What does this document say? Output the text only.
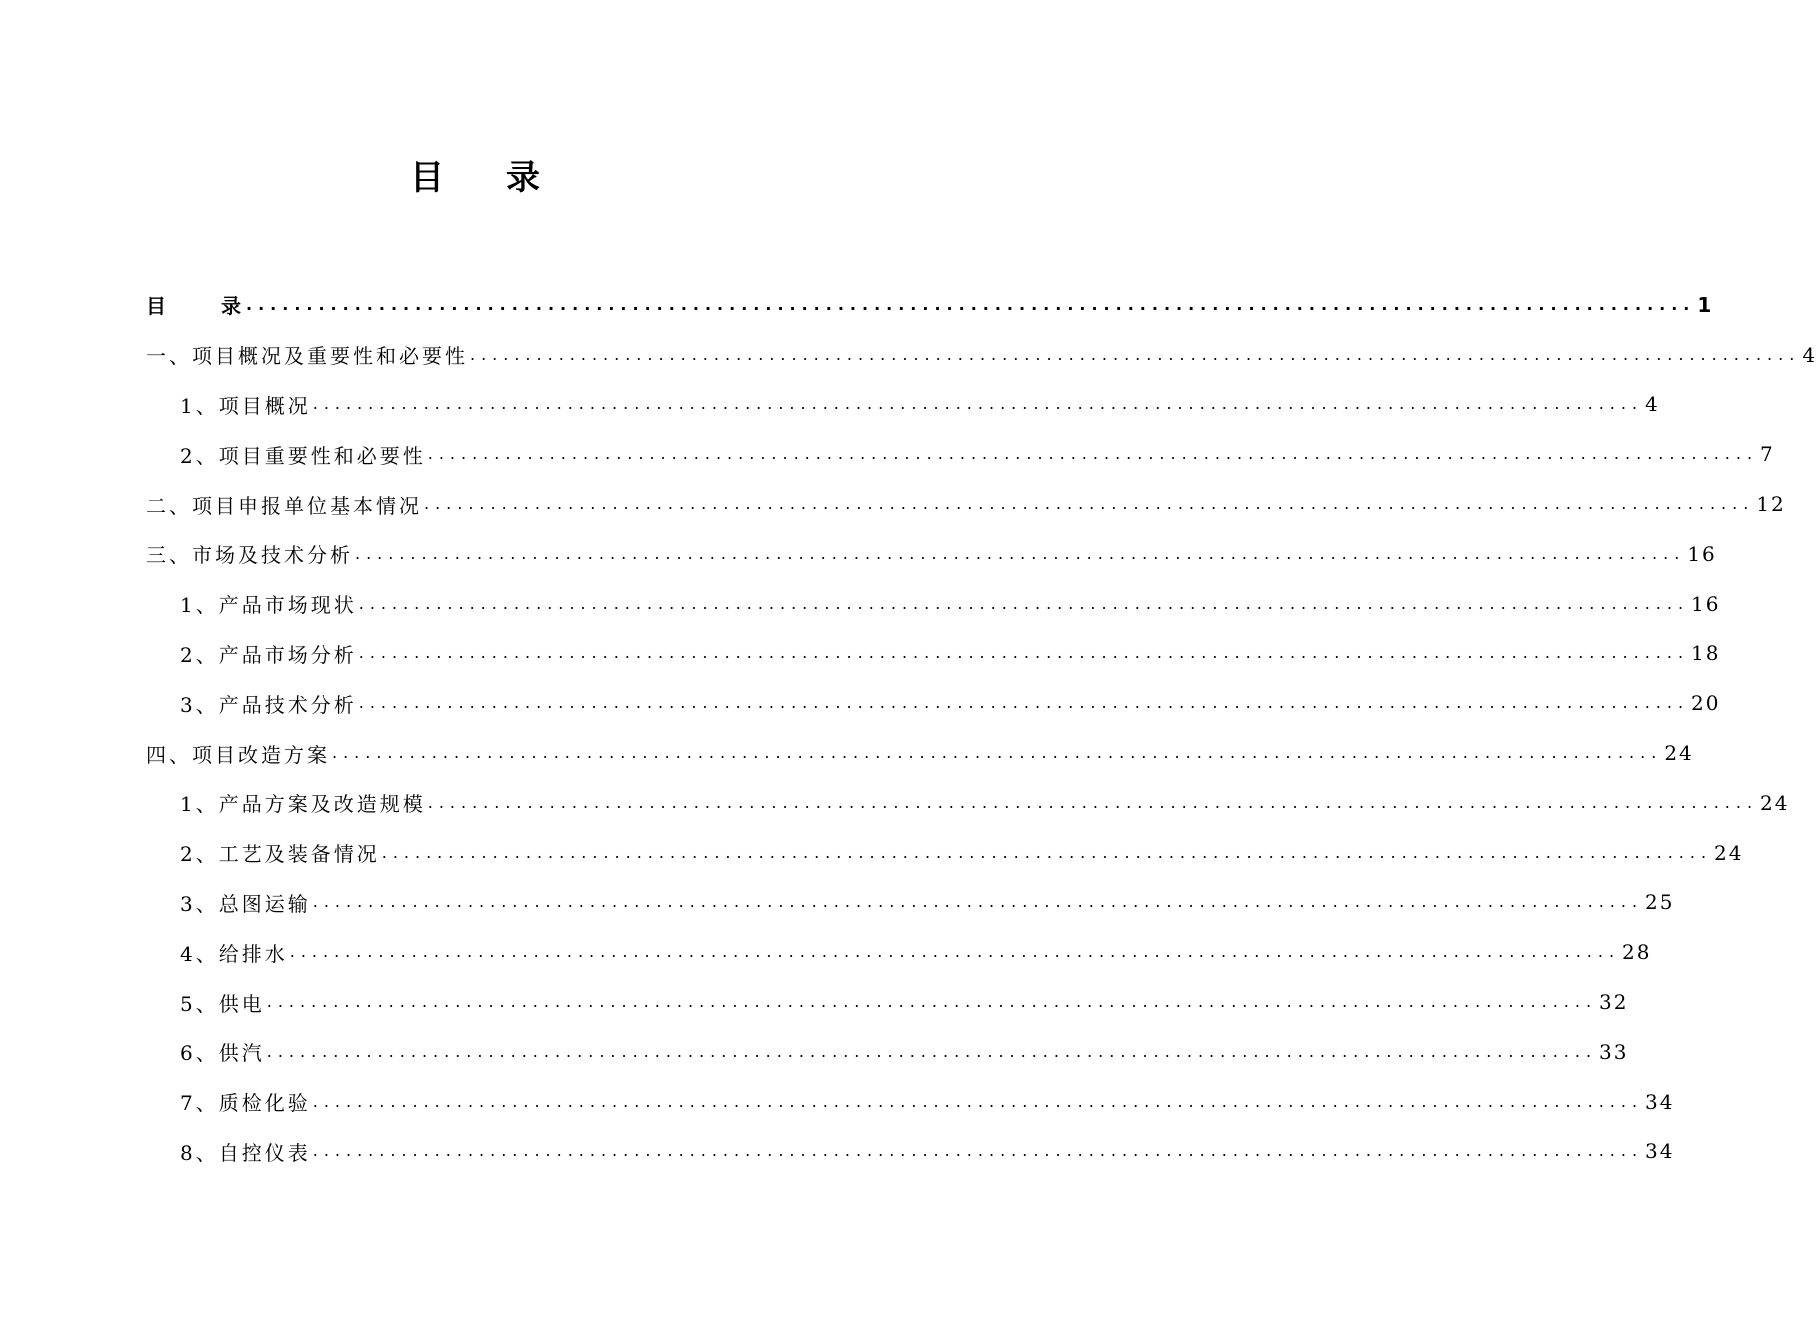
目 录
目	录 ........................................................................................................................ 1
一、项目概况及重要性和必要性 ........................................................................................................................ 4
1、项目概况 ........................................................................................................................ 4
2、项目重要性和必要性 ........................................................................................................................ 7
二、项目申报单位基本情况 ........................................................................................................................ 12
三、市场及技术分析 ........................................................................................................................ 16
1、产品市场现状 ........................................................................................................................ 16
2、产品市场分析 ........................................................................................................................ 18
3、产品技术分析 ........................................................................................................................ 20
四、项目改造方案 ........................................................................................................................ 24
1、产品方案及改造规模 ........................................................................................................................ 24
2、工艺及装备情况 ........................................................................................................................ 24
3、总图运输 ........................................................................................................................ 25
4、给排水 ........................................................................................................................ 28
5、供电 ........................................................................................................................ 32
6、供汽 ........................................................................................................................ 33
7、质检化验 ........................................................................................................................ 34
8、自控仪表 ........................................................................................................................ 34
